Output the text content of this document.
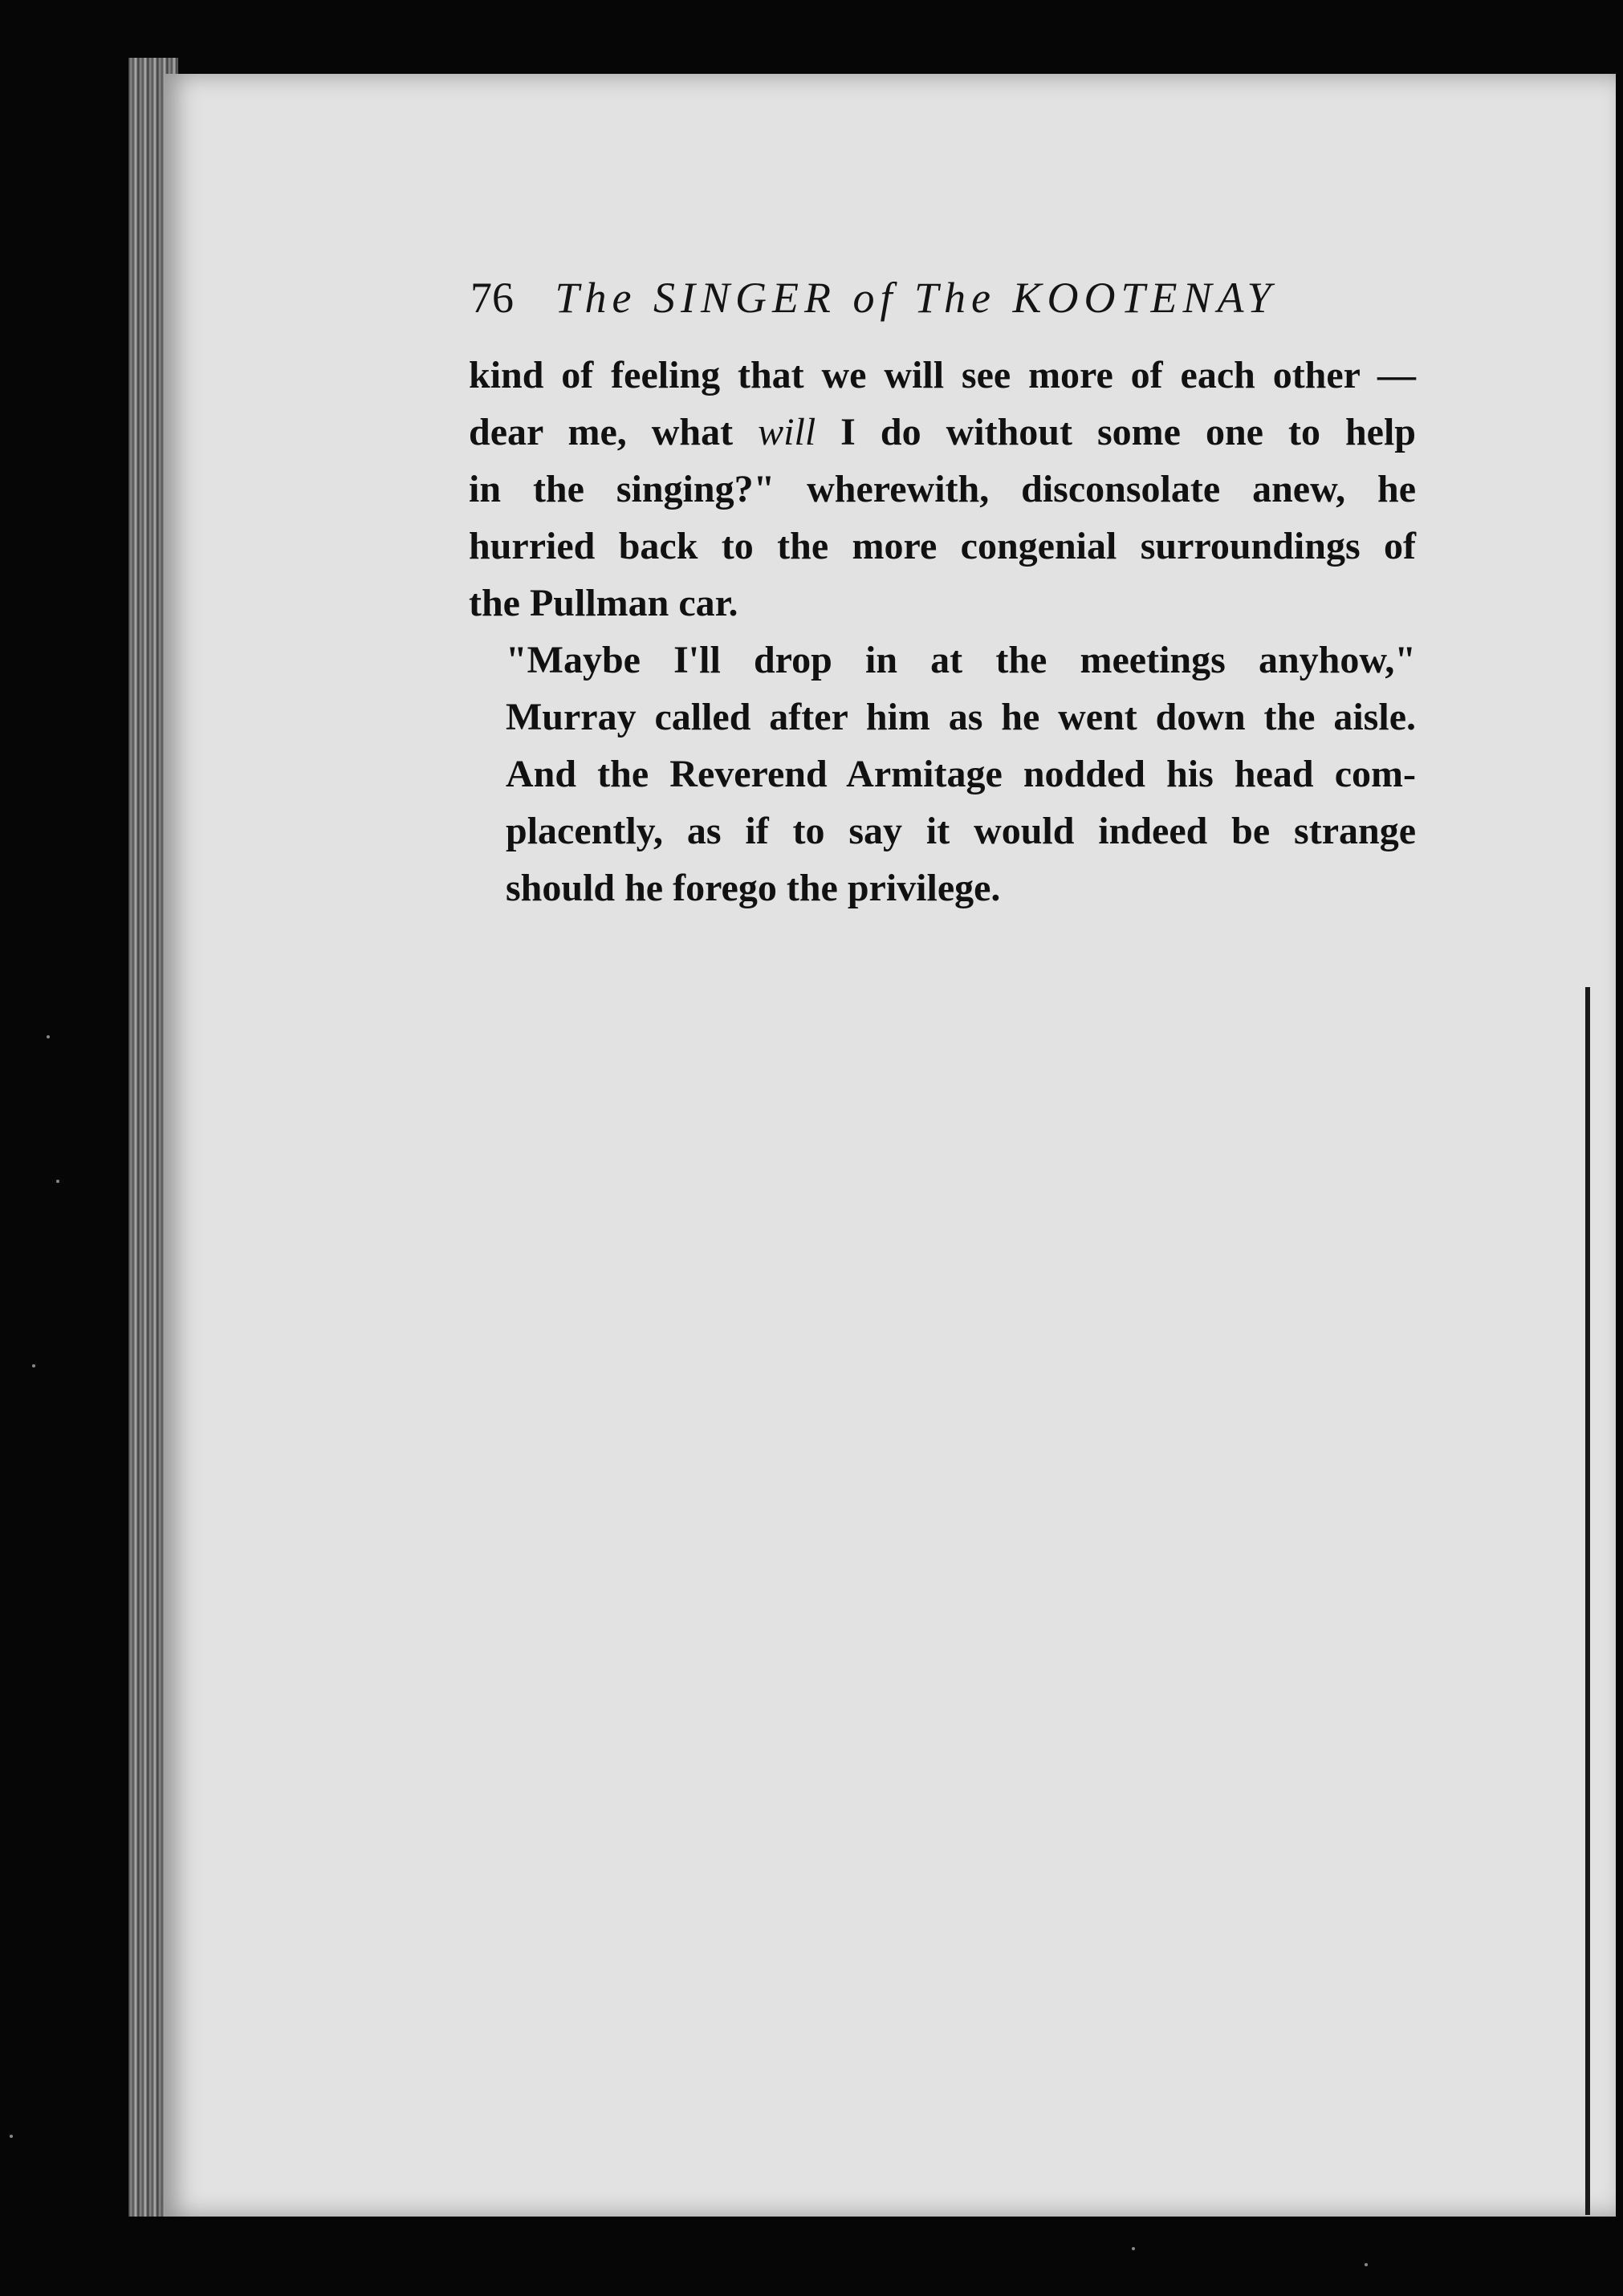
76 The SINGER of The KOOTENAY

kind of feeling that we will see more of each other —
dear me, what will I do without some one to help
in the singing?" wherewith, disconsolate anew, he
hurried back to the more congenial surroundings of
the Pullman car.

"Maybe I'll drop in at the meetings anyhow,"
Murray called after him as he went down the aisle.
And the Reverend Armitage nodded his head com-
placently, as if to say it would indeed be strange
should he forego the privilege.
